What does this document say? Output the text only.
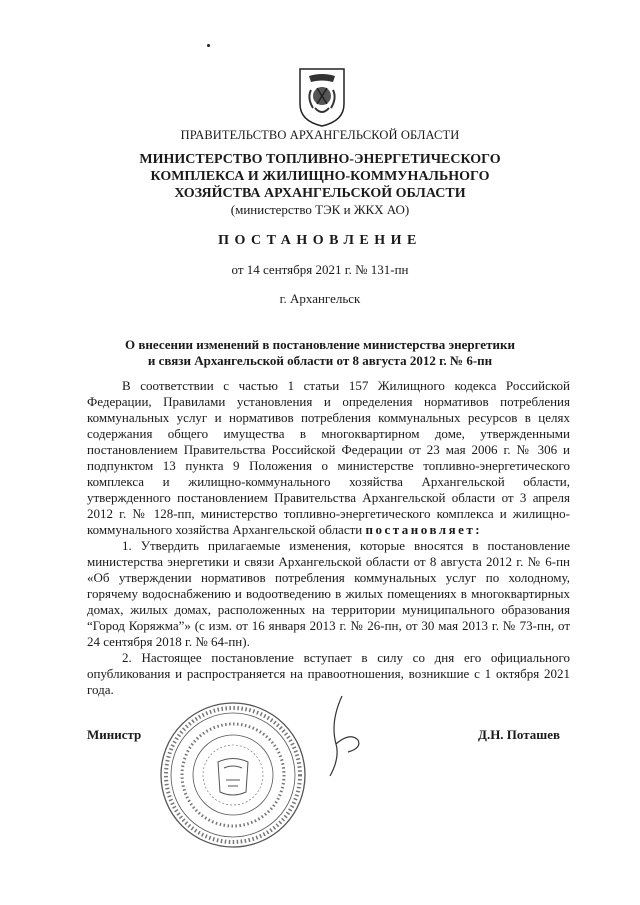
ПРАВИТЕЛЬСТВО АРХАНГЕЛЬСКОЙ ОБЛАСТИ
МИНИСТЕРСТВО ТОПЛИВНО-ЭНЕРГЕТИЧЕСКОГО
КОМПЛЕКСА И ЖИЛИЩНО-КОММУНАЛЬНОГО
ХОЗЯЙСТВА АРХАНГЕЛЬСКОЙ ОБЛАСТИ
(министерство ТЭК и ЖКХ АО)
ПОСТАНОВЛЕНИЕ
от 14 сентября 2021 г. № 131-пн
г. Архангельск
О внесении изменений в постановление министерства энергетики
и связи Архангельской области от 8 августа 2012 г. № 6-пн

В соответствии с частью 1 статьи 157 Жилищного кодекса Российской Федерации, Правилами установления и определения нормативов потребления коммунальных услуг и нормативов потребления коммунальных ресурсов в целях содержания общего имущества в многоквартирном доме, утвержденными постановлением Правительства Российской Федерации от 23 мая 2006 г. № 306 и подпунктом 13 пункта 9 Положения о министерстве топливно-энергетического комплекса и жилищно-коммунального хозяйства Архангельской области, утвержденного постановлением Правительства Архангельской области от 3 апреля 2012 г. № 128-пп, министерство топливно-энергетического комплекса и жилищно-коммунального хозяйства Архангельской области постановляет:

1. Утвердить прилагаемые изменения, которые вносятся в постановление министерства энергетики и связи Архангельской области от 8 августа 2012 г. № 6-пн «Об утверждении нормативов потребления коммунальных услуг по холодному, горячему водоснабжению и водоотведению в жилых помещениях в многоквартирных домах, жилых домах, расположенных на территории муниципального образования “Город Коряжма”» (с изм. от 16 января 2013 г. № 26-пн, от 30 мая 2013 г. № 73-пн, от 24 сентября 2018 г. № 64-пн).

2. Настоящее постановление вступает в силу со дня его официального опубликования и распространяется на правоотношения, возникшие с 1 октября 2021 года.

Министр	Д.Н. Поташев
